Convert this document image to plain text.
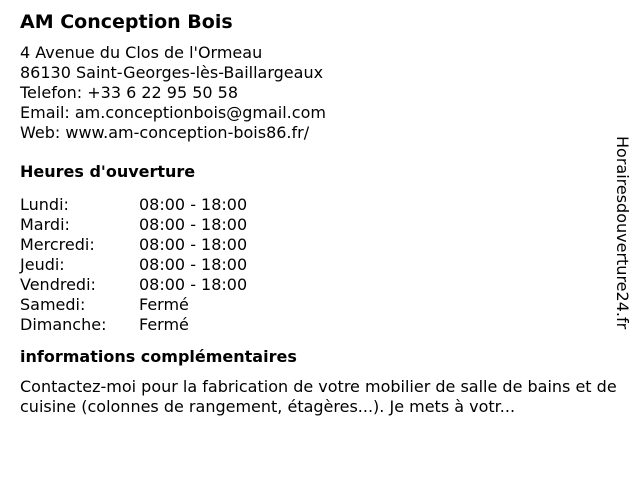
AM Conception Bois
4 Avenue du Clos de l'Ormeau
86130 Saint-Georges-lès-Baillargeaux
Telefon: +33 6 22 95 50 58
Email: am.conceptionbois@gmail.com
Web: www.am-conception-bois86.fr/
Heures d'ouverture
Lundi:	08:00 - 18:00
Mardi:	08:00 - 18:00
Mercredi:	08:00 - 18:00
Jeudi:	08:00 - 18:00
Vendredi:	08:00 - 18:00
Samedi:	Fermé
Dimanche:	Fermé
informations complémentaires
Contactez-moi pour la fabrication de votre mobilier de salle de bains et de cuisine (colonnes de rangement, étagères...). Je mets à votr...
Horairesdouverture24.fr
